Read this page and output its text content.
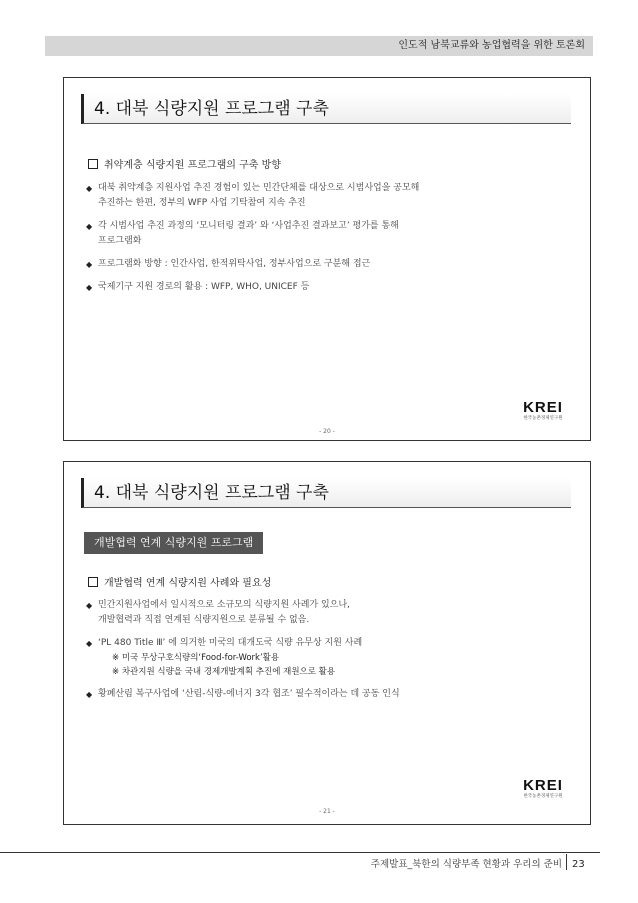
인도적 남북교류와 농업협력을 위한 토론회
4. 대북 식량지원 프로그램 구축
취약계층 식량지원 프로그램의 구축 방향
◆ 대북 취약계층 지원사업 추진 경험이 있는 민간단체를 대상으로 시범사업을 공모해
추진하는 한편, 정부의 WFP 사업 기탁참여 지속 추진
◆ 각 시범사업 추진 과정의 ‘모니터링 결과’ 와 ‘사업추진 결과보고’ 평가를 통해
프로그램화
◆ 프로그램화 방향 : 인간사업, 한적위탁사업, 정부사업으로 구분해 접근
◆ 국제기구 지원 경로의 활용 : WFP, WHO, UNICEF 등
KREI
한국농촌경제연구원
- 20 -
4. 대북 식량지원 프로그램 구축
개발협력 연계 식량지원 프로그램
개발협력 연계 식량지원 사례와 필요성
◆ 민간지원사업에서 일시적으로 소규모의 식량지원 사례가 있으나,
개발협력과 직접 연계된 식량지원으로 분류될 수 없음.
◆ ‘PL 480 Title Ⅲ’ 에 의거한 미국의 대개도국 식량 유무상 지원 사례
※ 미국 무상구호식량의‘Food-for-Work’활용
※ 차관지원 식량을 국내 경제개발계획 추진에 재원으로 활용
◆ 황폐산림 복구사업에 ‘산림-식량-에너지 3각 협조’ 필수적이라는 데 공동 인식
KREI
한국농촌경제연구원
- 21 -
주제발표_북한의 식량부족 현황과 우리의 준비 23
